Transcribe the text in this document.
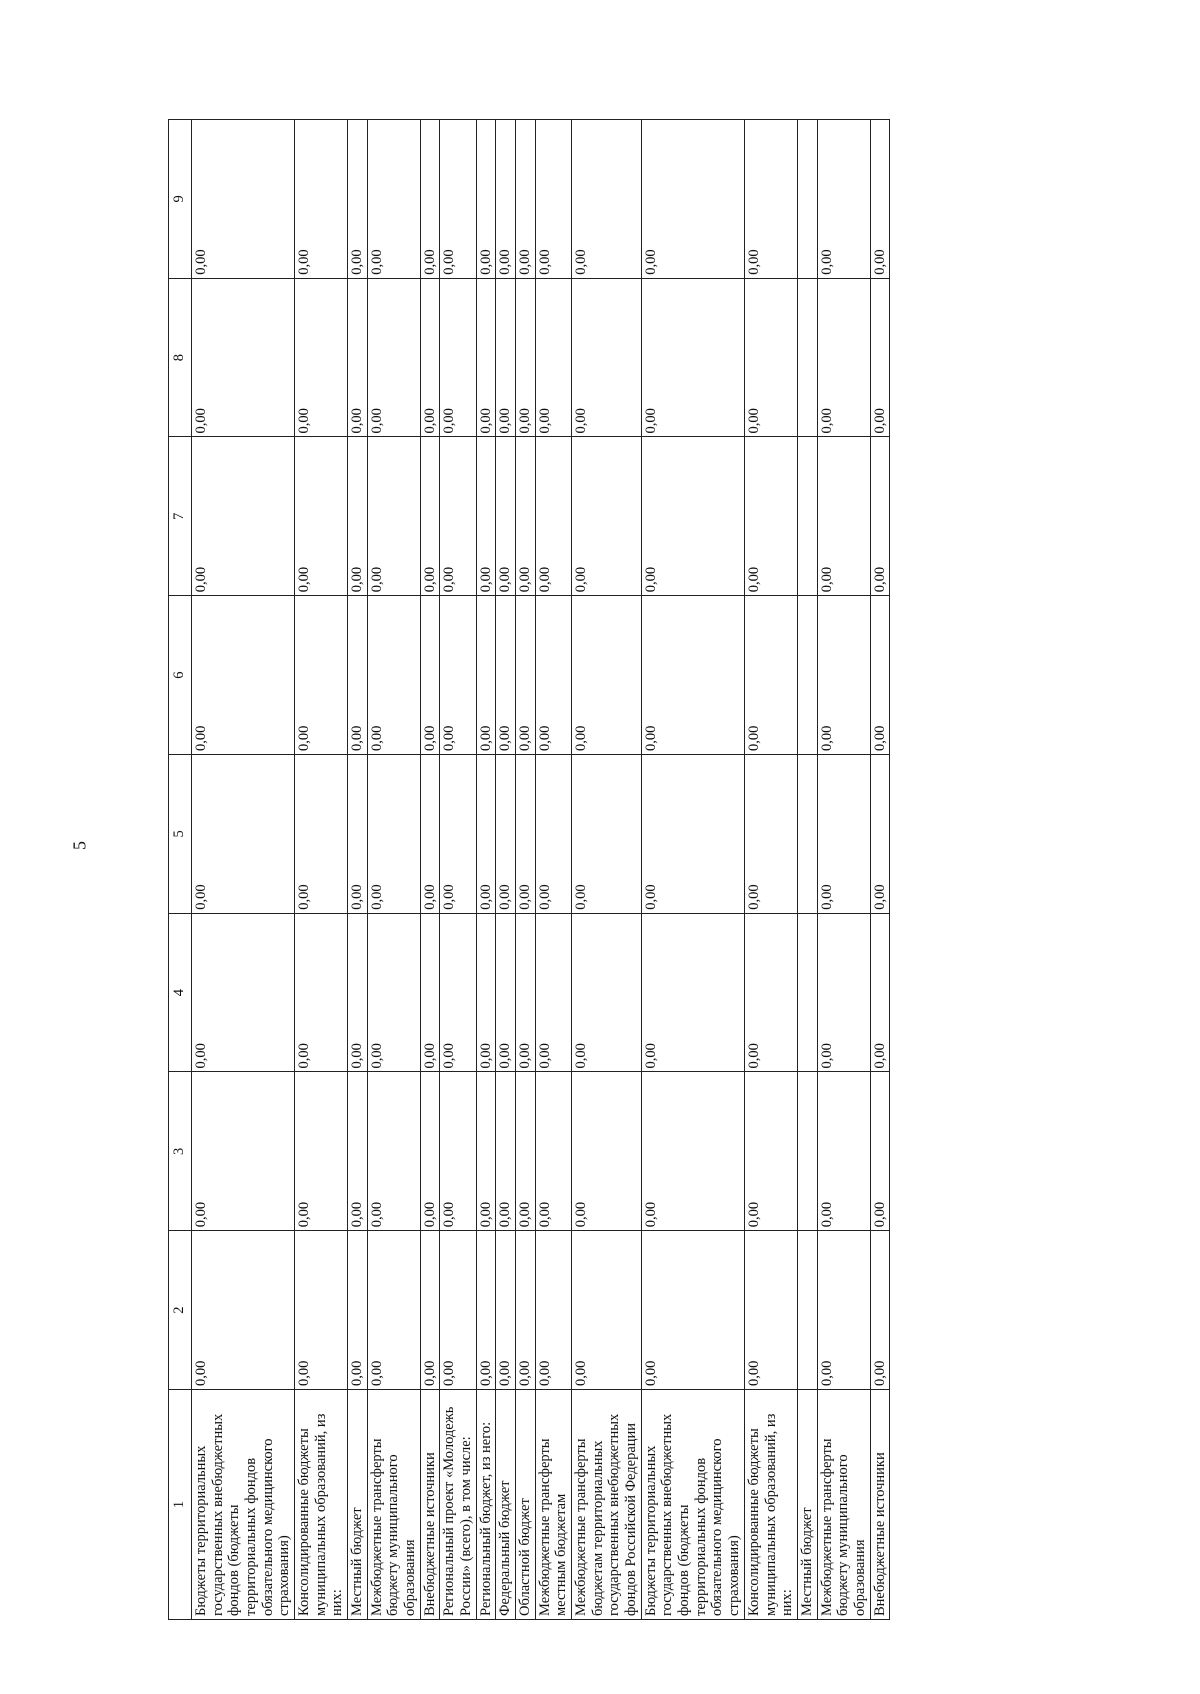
5
1	2	3	4	5	6	7	8	9
Бюджеты территориальных государственных внебюджетных фондов (бюджеты территориальных фондов обязательного медицинского страхования)	0,00	0,00	0,00	0,00	0,00	0,00	0,00	0,00
Консолидированные бюджеты муниципальных образований, из них:	0,00	0,00	0,00	0,00	0,00	0,00	0,00	0,00
Местный бюджет	0,00	0,00	0,00	0,00	0,00	0,00	0,00	0,00
Межбюджетные трансферты бюджету муниципального образования	0,00	0,00	0,00	0,00	0,00	0,00	0,00	0,00
Внебюджетные источники	0,00	0,00	0,00	0,00	0,00	0,00	0,00	0,00
Региональный проект «Молодежь России» (всего), в том числе:	0,00	0,00	0,00	0,00	0,00	0,00	0,00	0,00
Региональный бюджет, из него:	0,00	0,00	0,00	0,00	0,00	0,00	0,00	0,00
Федеральный бюджет	0,00	0,00	0,00	0,00	0,00	0,00	0,00	0,00
Областной бюджет	0,00	0,00	0,00	0,00	0,00	0,00	0,00	0,00
Межбюджетные трансферты местным бюджетам	0,00	0,00	0,00	0,00	0,00	0,00	0,00	0,00
Межбюджетные трансферты бюджетам территориальных государственных внебюджетных фондов Российской Федерации	0,00	0,00	0,00	0,00	0,00	0,00	0,00	0,00
Бюджеты территориальных государственных внебюджетных фондов (бюджеты территориальных фондов обязательного медицинского страхования)	0,00	0,00	0,00	0,00	0,00	0,00	0,00	0,00
Консолидированные бюджеты муниципальных образований, из них:	0,00	0,00	0,00	0,00	0,00	0,00	0,00	0,00
Местный бюджет								
Межбюджетные трансферты бюджету муниципального образования	0,00	0,00	0,00	0,00	0,00	0,00	0,00	0,00
Внебюджетные источники	0,00	0,00	0,00	0,00	0,00	0,00	0,00	0,00
